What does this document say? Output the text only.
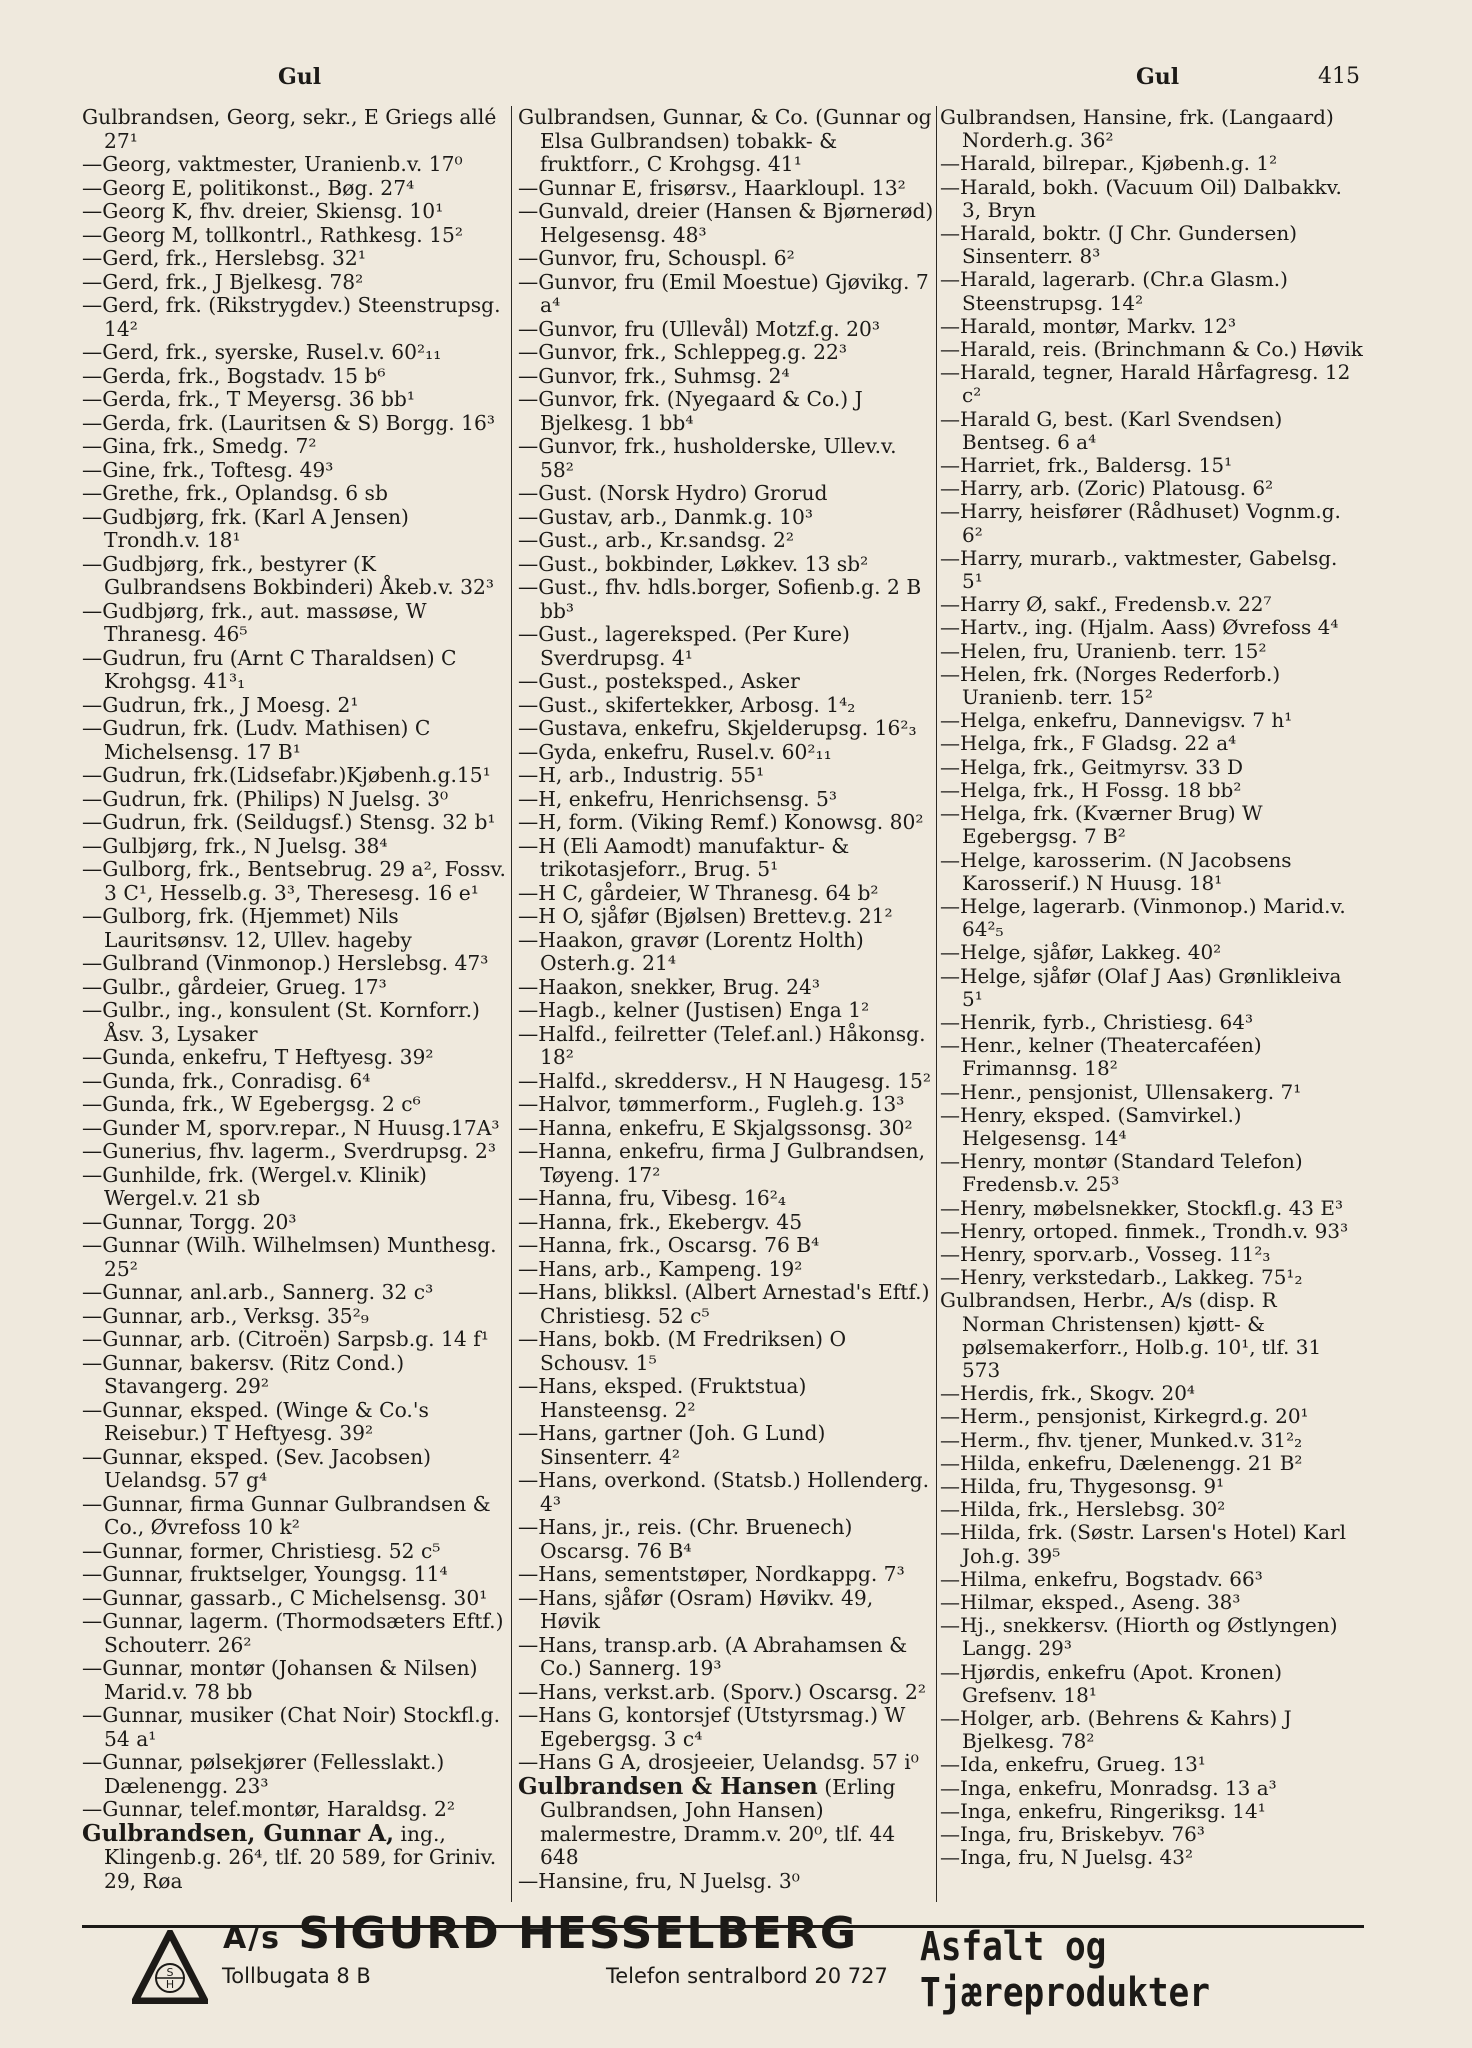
Gul	Gul	415
Gulbrandsen, Georg, sekr., E Griegs allé 27¹
—Georg, vaktmester, Uranienb.v. 17⁰
—Georg E, politikonst., Bøg. 27⁴
—Georg K, fhv. dreier, Skiensg. 10¹
—Georg M, tollkontrl., Rathkesg. 15²
—Gerd, frk., Herslebsg. 32¹
—Gerd, frk., J Bjelkesg. 78²
—Gerd, frk. (Rikstrygdev.) Steenstrupsg. 14²
—Gerd, frk., syerske, Rusel.v. 60²₁₁
—Gerda, frk., Bogstadv. 15 b⁶
—Gerda, frk., T Meyersg. 36 bb¹
—Gerda, frk. (Lauritsen & S) Borgg. 16³
—Gina, frk., Smedg. 7²
—Gine, frk., Toftesg. 49³
—Grethe, frk., Oplandsg. 6 sb
—Gudbjørg, frk. (Karl A Jensen) Trondh.v. 18¹
—Gudbjørg, frk., bestyrer (K Gulbrandsens Bokbinderi) Åkeb.v. 32³
—Gudbjørg, frk., aut. massøse, W Thranesg. 46⁵
—Gudrun, fru (Arnt C Tharaldsen) C Krohgsg. 41³₁
—Gudrun, frk., J Moesg. 2¹
—Gudrun, frk. (Ludv. Mathisen) C Michelsensg. 17 B¹
—Gudrun, frk.(Lidsefabr.)Kjøbenh.g.15¹
—Gudrun, frk. (Philips) N Juelsg. 3⁰
—Gudrun, frk. (Seildugsf.) Stensg. 32 b¹
—Gulbjørg, frk., N Juelsg. 38⁴
—Gulborg, frk., Bentsebrug. 29 a², Fossv. 3 C¹, Hesselb.g. 3³, Theresesg. 16 e¹
—Gulborg, frk. (Hjemmet) Nils Lauritsønsv. 12, Ullev. hageby
—Gulbrand (Vinmonop.) Herslebsg. 47³
—Gulbr., gårdeier, Grueg. 17³
—Gulbr., ing., konsulent (St. Kornforr.) Åsv. 3, Lysaker
—Gunda, enkefru, T Heftyesg. 39²
—Gunda, frk., Conradisg. 6⁴
—Gunda, frk., W Egebergsg. 2 c⁶
—Gunder M, sporv.repar., N Huusg.17A³
—Gunerius, fhv. lagerm., Sverdrupsg. 2³
—Gunhilde, frk. (Wergel.v. Klinik) Wergel.v. 21 sb
—Gunnar, Torgg. 20³
—Gunnar (Wilh. Wilhelmsen) Munthesg. 25²
—Gunnar, anl.arb., Sannerg. 32 c³
—Gunnar, arb., Verksg. 35²₉
—Gunnar, arb. (Citroën) Sarpsb.g. 14 f¹
—Gunnar, bakersv. (Ritz Cond.) Stavangerg. 29²
—Gunnar, eksped. (Winge & Co.'s Reisebur.) T Heftyesg. 39²
—Gunnar, eksped. (Sev. Jacobsen) Uelandsg. 57 g⁴
—Gunnar, firma Gunnar Gulbrandsen & Co., Øvrefoss 10 k²
—Gunnar, former, Christiesg. 52 c⁵
—Gunnar, fruktselger, Youngsg. 11⁴
—Gunnar, gassarb., C Michelsensg. 30¹
—Gunnar, lagerm. (Thormodsæters Eftf.) Schouterr. 26²
—Gunnar, montør (Johansen & Nilsen) Marid.v. 78 bb
—Gunnar, musiker (Chat Noir) Stockfl.g. 54 a¹
—Gunnar, pølsekjører (Fellesslakt.) Dælenengg. 23³
—Gunnar, telef.montør, Haraldsg. 2²
Gulbrandsen, Gunnar A, ing., Klingenb.g. 26⁴, tlf. 20 589, for Griniv. 29, Røa
Gulbrandsen, Gunnar, & Co. (Gunnar og Elsa Gulbrandsen) tobakk- & fruktforr., C Krohgsg. 41¹
—Gunnar E, frisørsv., Haarkloupl. 13²
—Gunvald, dreier (Hansen & Bjørnerød) Helgesensg. 48³
—Gunvor, fru, Schouspl. 6²
—Gunvor, fru (Emil Moestue) Gjøvikg. 7 a⁴
—Gunvor, fru (Ullevål) Motzf.g. 20³
—Gunvor, frk., Schleppeg.g. 22³
—Gunvor, frk., Suhmsg. 2⁴
—Gunvor, frk. (Nyegaard & Co.) J Bjelkesg. 1 bb⁴
—Gunvor, frk., husholderske, Ullev.v. 58²
—Gust. (Norsk Hydro) Grorud
—Gustav, arb., Danmk.g. 10³
—Gust., arb., Kr.sandsg. 2²
—Gust., bokbinder, Løkkev. 13 sb²
—Gust., fhv. hdls.borger, Sofienb.g. 2 B bb³
—Gust., lagereksped. (Per Kure) Sverdrupsg. 4¹
—Gust., posteksped., Asker
—Gust., skifertekker, Arbosg. 1⁴₂
—Gustava, enkefru, Skjelderupsg. 16²₃
—Gyda, enkefru, Rusel.v. 60²₁₁
—H, arb., Industrig. 55¹
—H, enkefru, Henrichsensg. 5³
—H, form. (Viking Remf.) Konowsg. 80²
—H (Eli Aamodt) manufaktur- & trikotasjeforr., Brug. 5¹
—H C, gårdeier, W Thranesg. 64 b²
—H O, sjåfør (Bjølsen) Brettev.g. 21²
—Haakon, gravør (Lorentz Holth) Osterh.g. 21⁴
—Haakon, snekker, Brug. 24³
—Hagb., kelner (Justisen) Enga 1²
—Halfd., feilretter (Telef.anl.) Håkonsg. 18²
—Halfd., skreddersv., H N Haugesg. 15²
—Halvor, tømmerform., Fugleh.g. 13³
—Hanna, enkefru, E Skjalgssonsg. 30²
—Hanna, enkefru, firma J Gulbrandsen, Tøyeng. 17²
—Hanna, fru, Vibesg. 16²₄
—Hanna, frk., Ekebergv. 45
—Hanna, frk., Oscarsg. 76 B⁴
—Hans, arb., Kampeng. 19²
—Hans, blikksl. (Albert Arnestad's Eftf.) Christiesg. 52 c⁵
—Hans, bokb. (M Fredriksen) O Schousv. 1⁵
—Hans, eksped. (Fruktstua) Hansteensg. 2²
—Hans, gartner (Joh. G Lund) Sinsenterr. 4²
—Hans, overkond. (Statsb.) Hollenderg. 4³
—Hans, jr., reis. (Chr. Bruenech) Oscarsg. 76 B⁴
—Hans, sementstøper, Nordkappg. 7³
—Hans, sjåfør (Osram) Høvikv. 49, Høvik
—Hans, transp.arb. (A Abrahamsen & Co.) Sannerg. 19³
—Hans, verkst.arb. (Sporv.) Oscarsg. 2²
—Hans G, kontorsjef (Utstyrsmag.) W Egebergsg. 3 c⁴
—Hans G A, drosjeeier, Uelandsg. 57 i⁰
Gulbrandsen & Hansen (Erling Gulbrandsen, John Hansen) malermestre, Dramm.v. 20⁰, tlf. 44 648
—Hansine, fru, N Juelsg. 3⁰
Gulbrandsen, Hansine, frk. (Langaard) Norderh.g. 36²
—Harald, bilrepar., Kjøbenh.g. 1²
—Harald, bokh. (Vacuum Oil) Dalbakkv. 3, Bryn
—Harald, boktr. (J Chr. Gundersen) Sinsenterr. 8³
—Harald, lagerarb. (Chr.a Glasm.) Steenstrupsg. 14²
—Harald, montør, Markv. 12³
—Harald, reis. (Brinchmann & Co.) Høvik
—Harald, tegner, Harald Hårfagresg. 12 c²
—Harald G, best. (Karl Svendsen) Bentseg. 6 a⁴
—Harriet, frk., Baldersg. 15¹
—Harry, arb. (Zoric) Platousg. 6²
—Harry, heisfører (Rådhuset) Vognm.g. 6²
—Harry, murarb., vaktmester, Gabelsg. 5¹
—Harry Ø, sakf., Fredensb.v. 22⁷
—Hartv., ing. (Hjalm. Aass) Øvrefoss 4⁴
—Helen, fru, Uranienb. terr. 15²
—Helen, frk. (Norges Rederforb.) Uranienb. terr. 15²
—Helga, enkefru, Dannevigsv. 7 h¹
—Helga, frk., F Gladsg. 22 a⁴
—Helga, frk., Geitmyrsv. 33 D
—Helga, frk., H Fossg. 18 bb²
—Helga, frk. (Kværner Brug) W Egebergsg. 7 B²
—Helge, karosserim. (N Jacobsens Karosserif.) N Huusg. 18¹
—Helge, lagerarb. (Vinmonop.) Marid.v. 64²₅
—Helge, sjåfør, Lakkeg. 40²
—Helge, sjåfør (Olaf J Aas) Grønlikleiva 5¹
—Henrik, fyrb., Christiesg. 64³
—Henr., kelner (Theatercaféen) Frimannsg. 18²
—Henr., pensjonist, Ullensakerg. 7¹
—Henry, eksped. (Samvirkel.) Helgesensg. 14⁴
—Henry, montør (Standard Telefon) Fredensb.v. 25³
—Henry, møbelsnekker, Stockfl.g. 43 E³
—Henry, ortoped. finmek., Trondh.v. 93³
—Henry, sporv.arb., Vosseg. 11²₃
—Henry, verkstedarb., Lakkeg. 75¹₂
Gulbrandsen, Herbr., A/s (disp. R Norman Christensen) kjøtt- & pølsemakerforr., Holb.g. 10¹, tlf. 31 573
—Herdis, frk., Skogv. 20⁴
—Herm., pensjonist, Kirkegrd.g. 20¹
—Herm., fhv. tjener, Munked.v. 31²₂
—Hilda, enkefru, Dælenengg. 21 B²
—Hilda, fru, Thygesonsg. 9¹
—Hilda, frk., Herslebsg. 30²
—Hilda, frk. (Søstr. Larsen's Hotel) Karl Joh.g. 39⁵
—Hilma, enkefru, Bogstadv. 66³
—Hilmar, eksped., Aseng. 38³
—Hj., snekkersv. (Hiorth og Østlyngen) Langg. 29³
—Hjørdis, enkefru (Apot. Kronen) Grefsenv. 18¹
—Holger, arb. (Behrens & Kahrs) J Bjelkesg. 78²
—Ida, enkefru, Grueg. 13¹
—Inga, enkefru, Monradsg. 13 a³
—Inga, enkefru, Ringeriksg. 14¹
—Inga, fru, Briskebyv. 76³
—Inga, fru, N Juelsg. 43²
S
H
A/s SIGURD HESSELBERG
Tollbugata 8 B	Telefon sentralbord 20 727
Asfalt og Tjæreprodukter
